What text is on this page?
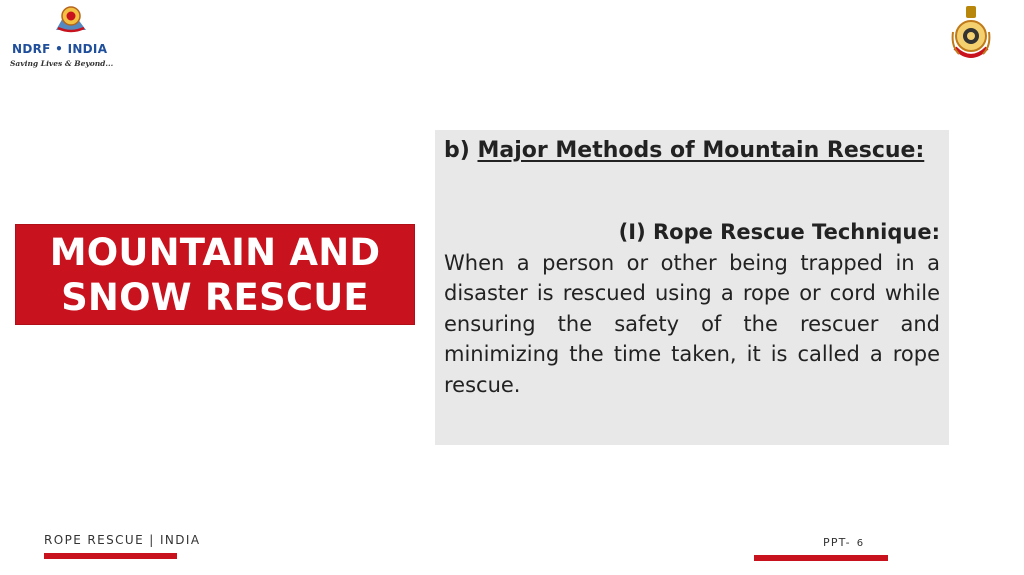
NDRF • INDIA
Saving Lives & Beyond...
MOUNTAIN AND
SNOW RESCUE
b) Major Methods of Mountain Rescue:
(I) Rope Rescue Technique:
When a person or other being trapped in a disaster is rescued using a rope or cord while ensuring the safety of the rescuer and minimizing the time taken, it is called a rope rescue.
ROPE RESCUE | INDIA	PPT- 6
